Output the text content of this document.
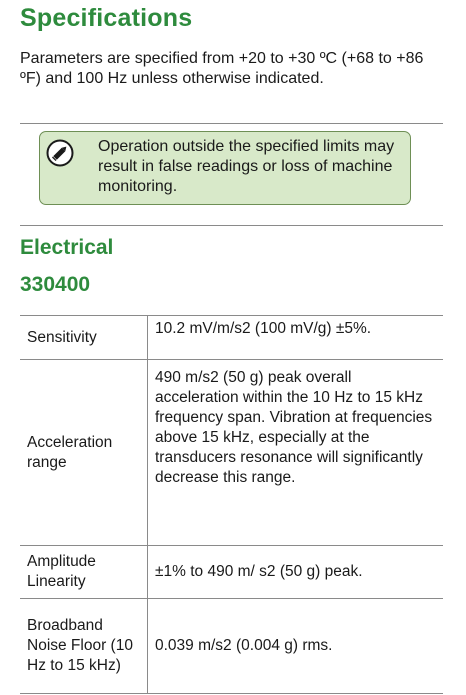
Specifications

Parameters are specified from +20 to +30 ºC (+68 to +86 ºF) and 100 Hz unless otherwise indicated.

Operation outside the specified limits may result in false readings or loss of machine monitoring.

Electrical
330400
Sensitivity	10.2 mV/m/s2 (100 mV/g) ±5%.
Acceleration range	490 m/s2 (50 g) peak overall acceleration within the 10 Hz to 15 kHz frequency span. Vibration at frequencies above 15 kHz, especially at the transducers resonance will significantly decrease this range.
Amplitude Linearity	±1% to 490 m/ s2 (50 g) peak.
Broadband Noise Floor (10 Hz to 15 kHz)	0.039 m/s2 (0.004 g) rms.
